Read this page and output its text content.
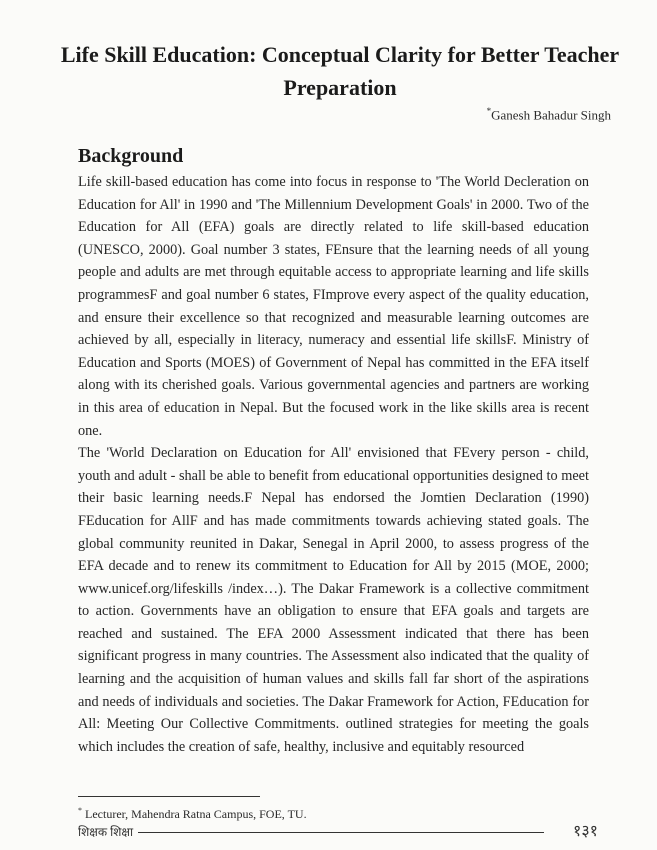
Life Skill Education: Conceptual Clarity for Better Teacher Preparation
*Ganesh Bahadur Singh
Background

Life skill-based education has come into focus in response to 'The World Decleration on Education for All' in 1990 and 'The Millennium Development Goals' in 2000. Two of the Education for All (EFA) goals are directly related to life skill-based education (UNESCO, 2000). Goal number 3 states, FEnsure that the learning needs of all young people and adults are met through equitable access to appropriate learning and life skills programmesF and goal number 6 states, FImprove every aspect of the quality education, and ensure their excellence so that recognized and measurable learning outcomes are achieved by all, especially in literacy, numeracy and essential life skillsF. Ministry of Education and Sports (MOES) of Government of Nepal has committed in the EFA itself along with its cherished goals. Various governmental agencies and partners are working in this area of education in Nepal. But the focused work in the like skills area is recent one.

The 'World Declaration on Education for All' envisioned that FEvery person - child, youth and adult - shall be able to benefit from educational opportunities designed to meet their basic learning needs.F Nepal has endorsed the Jomtien Declaration (1990) FEducation for AllF and has made commitments towards achieving stated goals. The global community reunited in Dakar, Senegal in April 2000, to assess progress of the EFA decade and to renew its commitment to Education for All by 2015 (MOE, 2000; www.unicef.org/lifeskills /index…). The Dakar Framework is a collective commitment to action. Governments have an obligation to ensure that EFA goals and targets are reached and sustained. The EFA 2000 Assessment indicated that there has been significant progress in many countries. The Assessment also indicated that the quality of learning and the acquisition of human values and skills fall far short of the aspirations and needs of individuals and societies. The Dakar Framework for Action, FEducation for All: Meeting Our Collective Commitments. outlined strategies for meeting the goals which includes the creation of safe, healthy, inclusive and equitably resourced

* Lecturer, Mahendra Ratna Campus, FOE, TU.
शिक्षक शिक्षा	१३१
